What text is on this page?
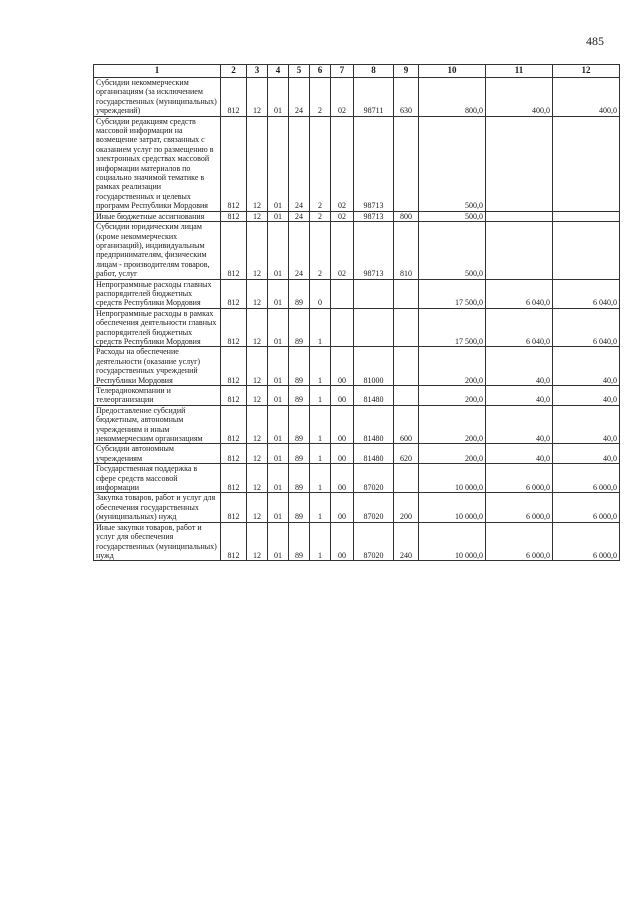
485
1	2	3	4	5	6	7	8	9	10	11	12
Субсидии некоммерческим организациям (за исключением государственных (муниципальных) учреждений)	812	12	01	24	2	02	98711	630	800,0	400,0	400,0
Субсидии редакциям средств массовой информации на возмещение затрат, связанных с оказанием услуг по размещению в электронных средствах массовой информации материалов по социально значимой тематике в рамках реализации государственных и целевых программ Республики Мордовия	812	12	01	24	2	02	98713		500,0		
Иные бюджетные ассигнования	812	12	01	24	2	02	98713	800	500,0		
Субсидии юридическим лицам (кроме некоммерческих организаций), индивидуальным предпринимателям, физическим лицам - производителям товаров, работ, услуг	812	12	01	24	2	02	98713	810	500,0		
Непрограммные расходы главных распорядителей бюджетных средств Республики Мордовия	812	12	01	89	0				17 500,0	6 040,0	6 040,0
Непрограммные расходы в рамках обеспечения деятельности главных распорядителей бюджетных средств Республики Мордовия	812	12	01	89	1				17 500,0	6 040,0	6 040,0
Расходы на обеспечение деятельности (оказание услуг) государственных учреждений Республики Мордовия	812	12	01	89	1	00	81000		200,0	40,0	40,0
Телерадиокомпании и телеорганизации	812	12	01	89	1	00	81480		200,0	40,0	40,0
Предоставление субсидий бюджетным, автономным учреждениям и иным некоммерческим организациям	812	12	01	89	1	00	81480	600	200,0	40,0	40,0
Субсидии автономным учреждениям	812	12	01	89	1	00	81480	620	200,0	40,0	40,0
Государственная поддержка в сфере средств массовой информации	812	12	01	89	1	00	87020		10 000,0	6 000,0	6 000,0
Закупка товаров, работ и услуг для обеспечения государственных (муниципальных) нужд	812	12	01	89	1	00	87020	200	10 000,0	6 000,0	6 000,0
Иные закупки товаров, работ и услуг для обеспечения государственных (муниципальных) нужд	812	12	01	89	1	00	87020	240	10 000,0	6 000,0	6 000,0
